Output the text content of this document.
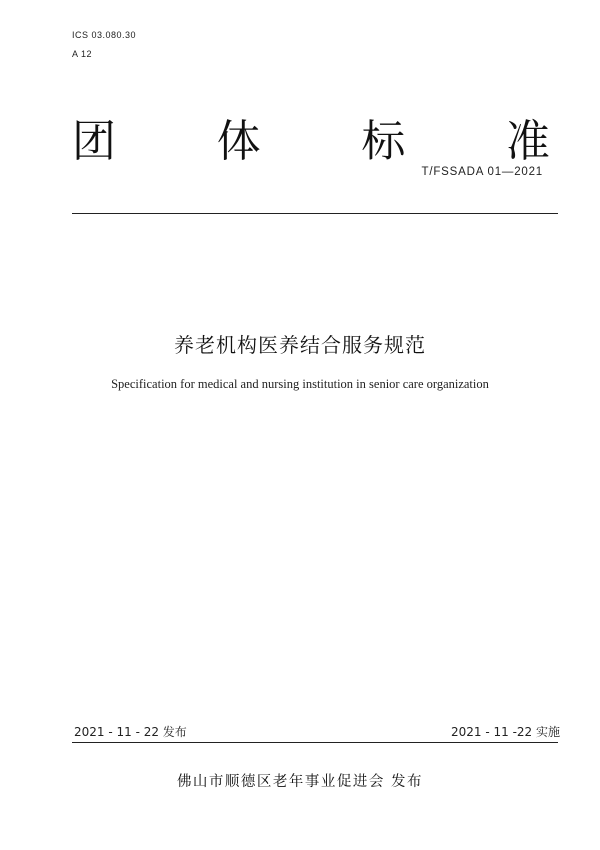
ICS 03.080.30
A 12
团 体 标 准
T/FSSADA 01—2021
养老机构医养结合服务规范
Specification for medical and nursing institution in senior care organization
2021 - 11 - 22 发布	2021 - 11 -22 实施
佛山市顺德区老年事业促进会 发布
